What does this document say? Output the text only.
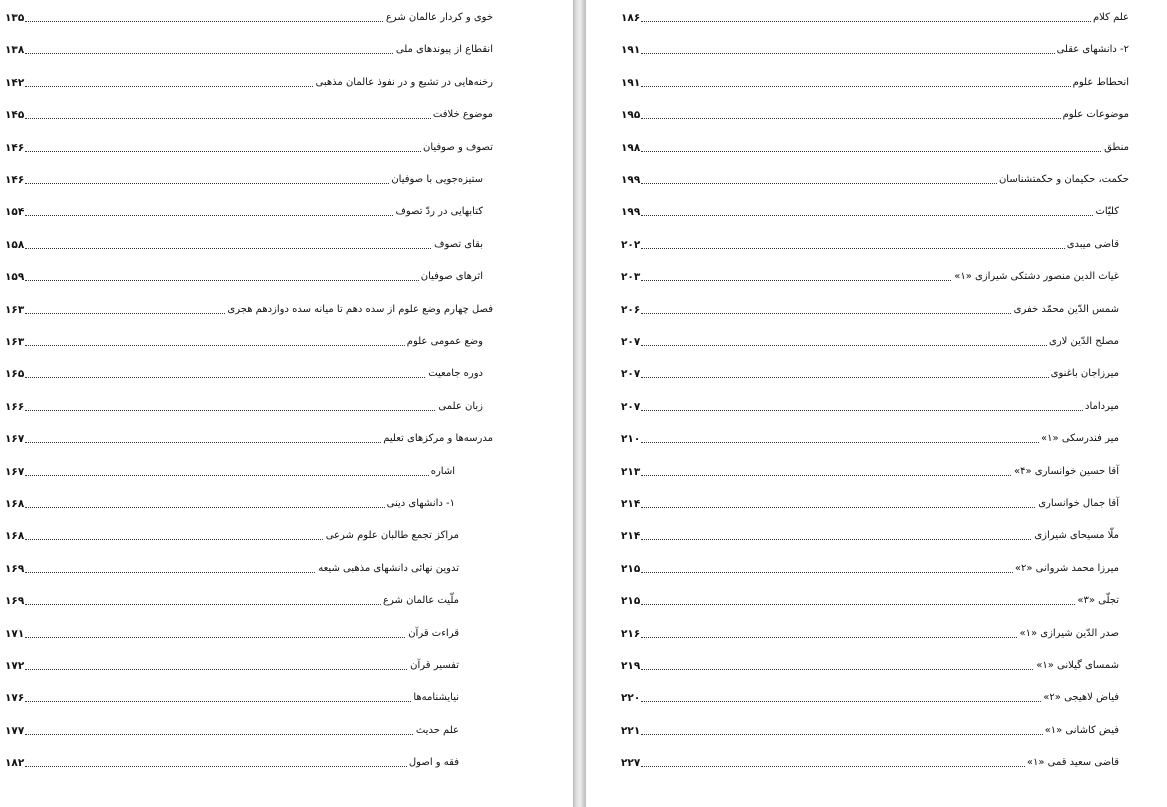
۱۳۵	خوی و کردار عالمان شرع
۱۳۸	انقطاع از پیوندهای ملی
۱۴۲	رخنه‌هایی در تشیع و در نفوذ عالمان مذهبی
۱۴۵	موضوع خلافت
۱۴۶	تصوف و صوفیان
۱۴۶	ستیزه‌جویی با صوفیان
۱۵۴	کتابهایی در ردّ تصوف
۱۵۸	بقای تصوف
۱۵۹	اثرهای صوفیان
۱۶۳	فصل چهارم وضع علوم از سده دهم تا میانه سده دوازدهم هجری
۱۶۳	وضع عمومی علوم
۱۶۵	دوره جامعیت
۱۶۶	زبان علمی
۱۶۷	مدرسه‌ها و مرکزهای تعلیم
۱۶۷	اشاره
۱۶۸	۱- دانشهای دینی
۱۶۸	مراکز تجمع طالبان علوم شرعی
۱۶۹	تدوین نهائی دانشهای مذهبی شیعه
۱۶۹	ملّیت عالمان شرع
۱۷۱	قراءت قرآن
۱۷۲	تفسیر قرآن
۱۷۶	نیایشنامه‌ها
۱۷۷	علم حدیث
۱۸۲	فقه و اصول
۱۸۶	علم کلام
۱۹۱	۲- دانشهای عقلی
۱۹۱	انحطاط علوم
۱۹۵	موضوعات علوم
۱۹۸	منطق
۱۹۹	حکمت، حکیمان و حکمتشناسان
۱۹۹	کلیّات
۲۰۲	قاضی میبدی
۲۰۳	غیاث الدین منصور دشتکی شیرازی «۱»
۲۰۶	شمس الدّین محمّد خفری
۲۰۷	مصلح الدّین لاری
۲۰۷	میرزاجان باغنوی
۲۰۷	میرداماد
۲۱۰	میر فندرسکی «۱»
۲۱۳	آقا حسین خوانساری «۴»
۲۱۴	آقا جمال خوانساری
۲۱۴	ملّا مسیحای شیرازی
۲۱۵	میرزا محمد شروانی «۲»
۲۱۵	تجلّی «۳»
۲۱۶	صدر الدّین شیرازی «۱»
۲۱۹	شمسای گیلانی «۱»
۲۲۰	فیاض لاهیجی «۲»
۲۲۱	فیض کاشانی «۱»
۲۲۷	قاضی سعید قمی «۱»
